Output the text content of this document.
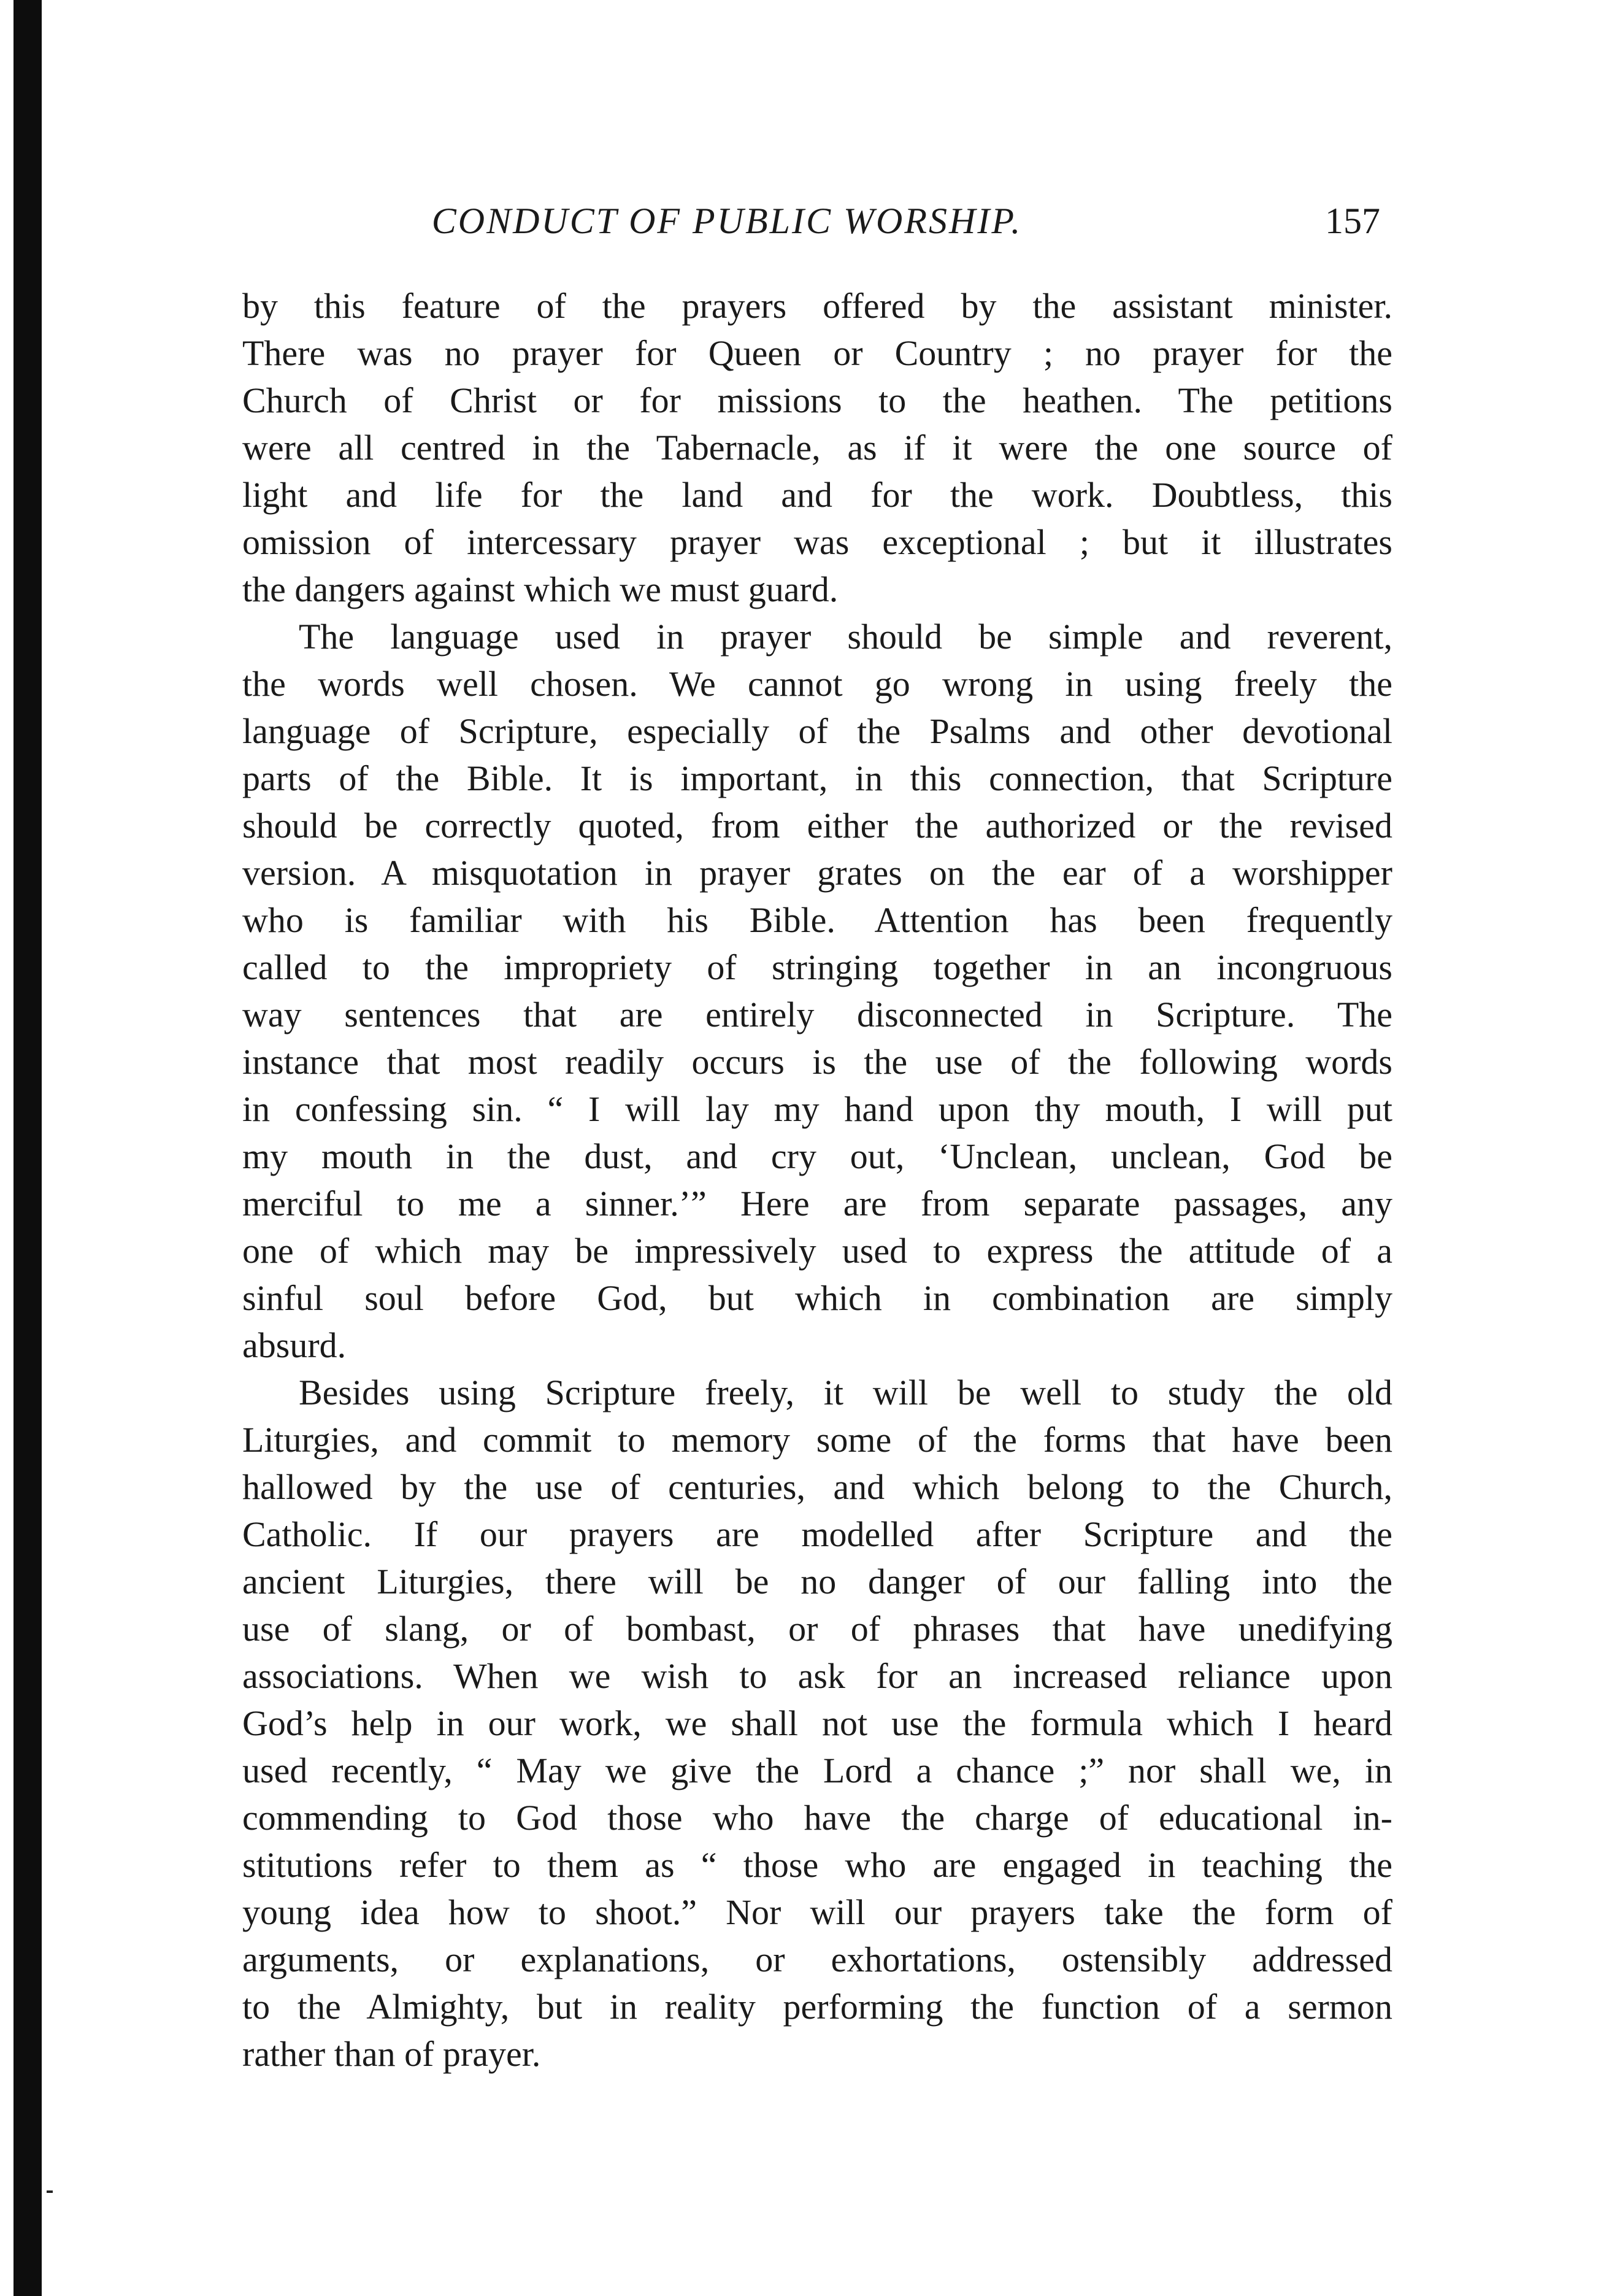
CONDUCT OF PUBLIC WORSHIP.	157
by this feature of the prayers offered by the assistant minister.
There was no prayer for Queen or Country ; no prayer for the
Church of Christ or for missions to the heathen. The petitions
were all centred in the Tabernacle, as if it were the one source of
light and life for the land and for the work. Doubtless, this
omission of intercessary prayer was exceptional ; but it illustrates
the dangers against which we must guard.
The language used in prayer should be simple and reverent,
the words well chosen. We cannot go wrong in using freely the
language of Scripture, especially of the Psalms and other devotional
parts of the Bible. It is important, in this connection, that Scripture
should be correctly quoted, from either the authorized or the revised
version. A misquotation in prayer grates on the ear of a worshipper
who is familiar with his Bible. Attention has been frequently
called to the impropriety of stringing together in an incongruous
way sentences that are entirely disconnected in Scripture. The
instance that most readily occurs is the use of the following words
in confessing sin. “ I will lay my hand upon thy mouth, I will put
my mouth in the dust, and cry out, ‘Unclean, unclean, God be
merciful to me a sinner.’” Here are from separate passages, any
one of which may be impressively used to express the attitude of a
sinful soul before God, but which in combination are simply
absurd.
Besides using Scripture freely, it will be well to study the old
Liturgies, and commit to memory some of the forms that have been
hallowed by the use of centuries, and which belong to the Church,
Catholic. If our prayers are modelled after Scripture and the
ancient Liturgies, there will be no danger of our falling into the
use of slang, or of bombast, or of phrases that have unedifying
associations. When we wish to ask for an increased reliance upon
God’s help in our work, we shall not use the formula which I heard
used recently, “ May we give the Lord a chance ;” nor shall we, in
commending to God those who have the charge of educational in-
stitutions refer to them as “ those who are engaged in teaching the
young idea how to shoot.” Nor will our prayers take the form of
arguments, or explanations, or exhortations, ostensibly addressed
to the Almighty, but in reality performing the function of a sermon
rather than of prayer.
